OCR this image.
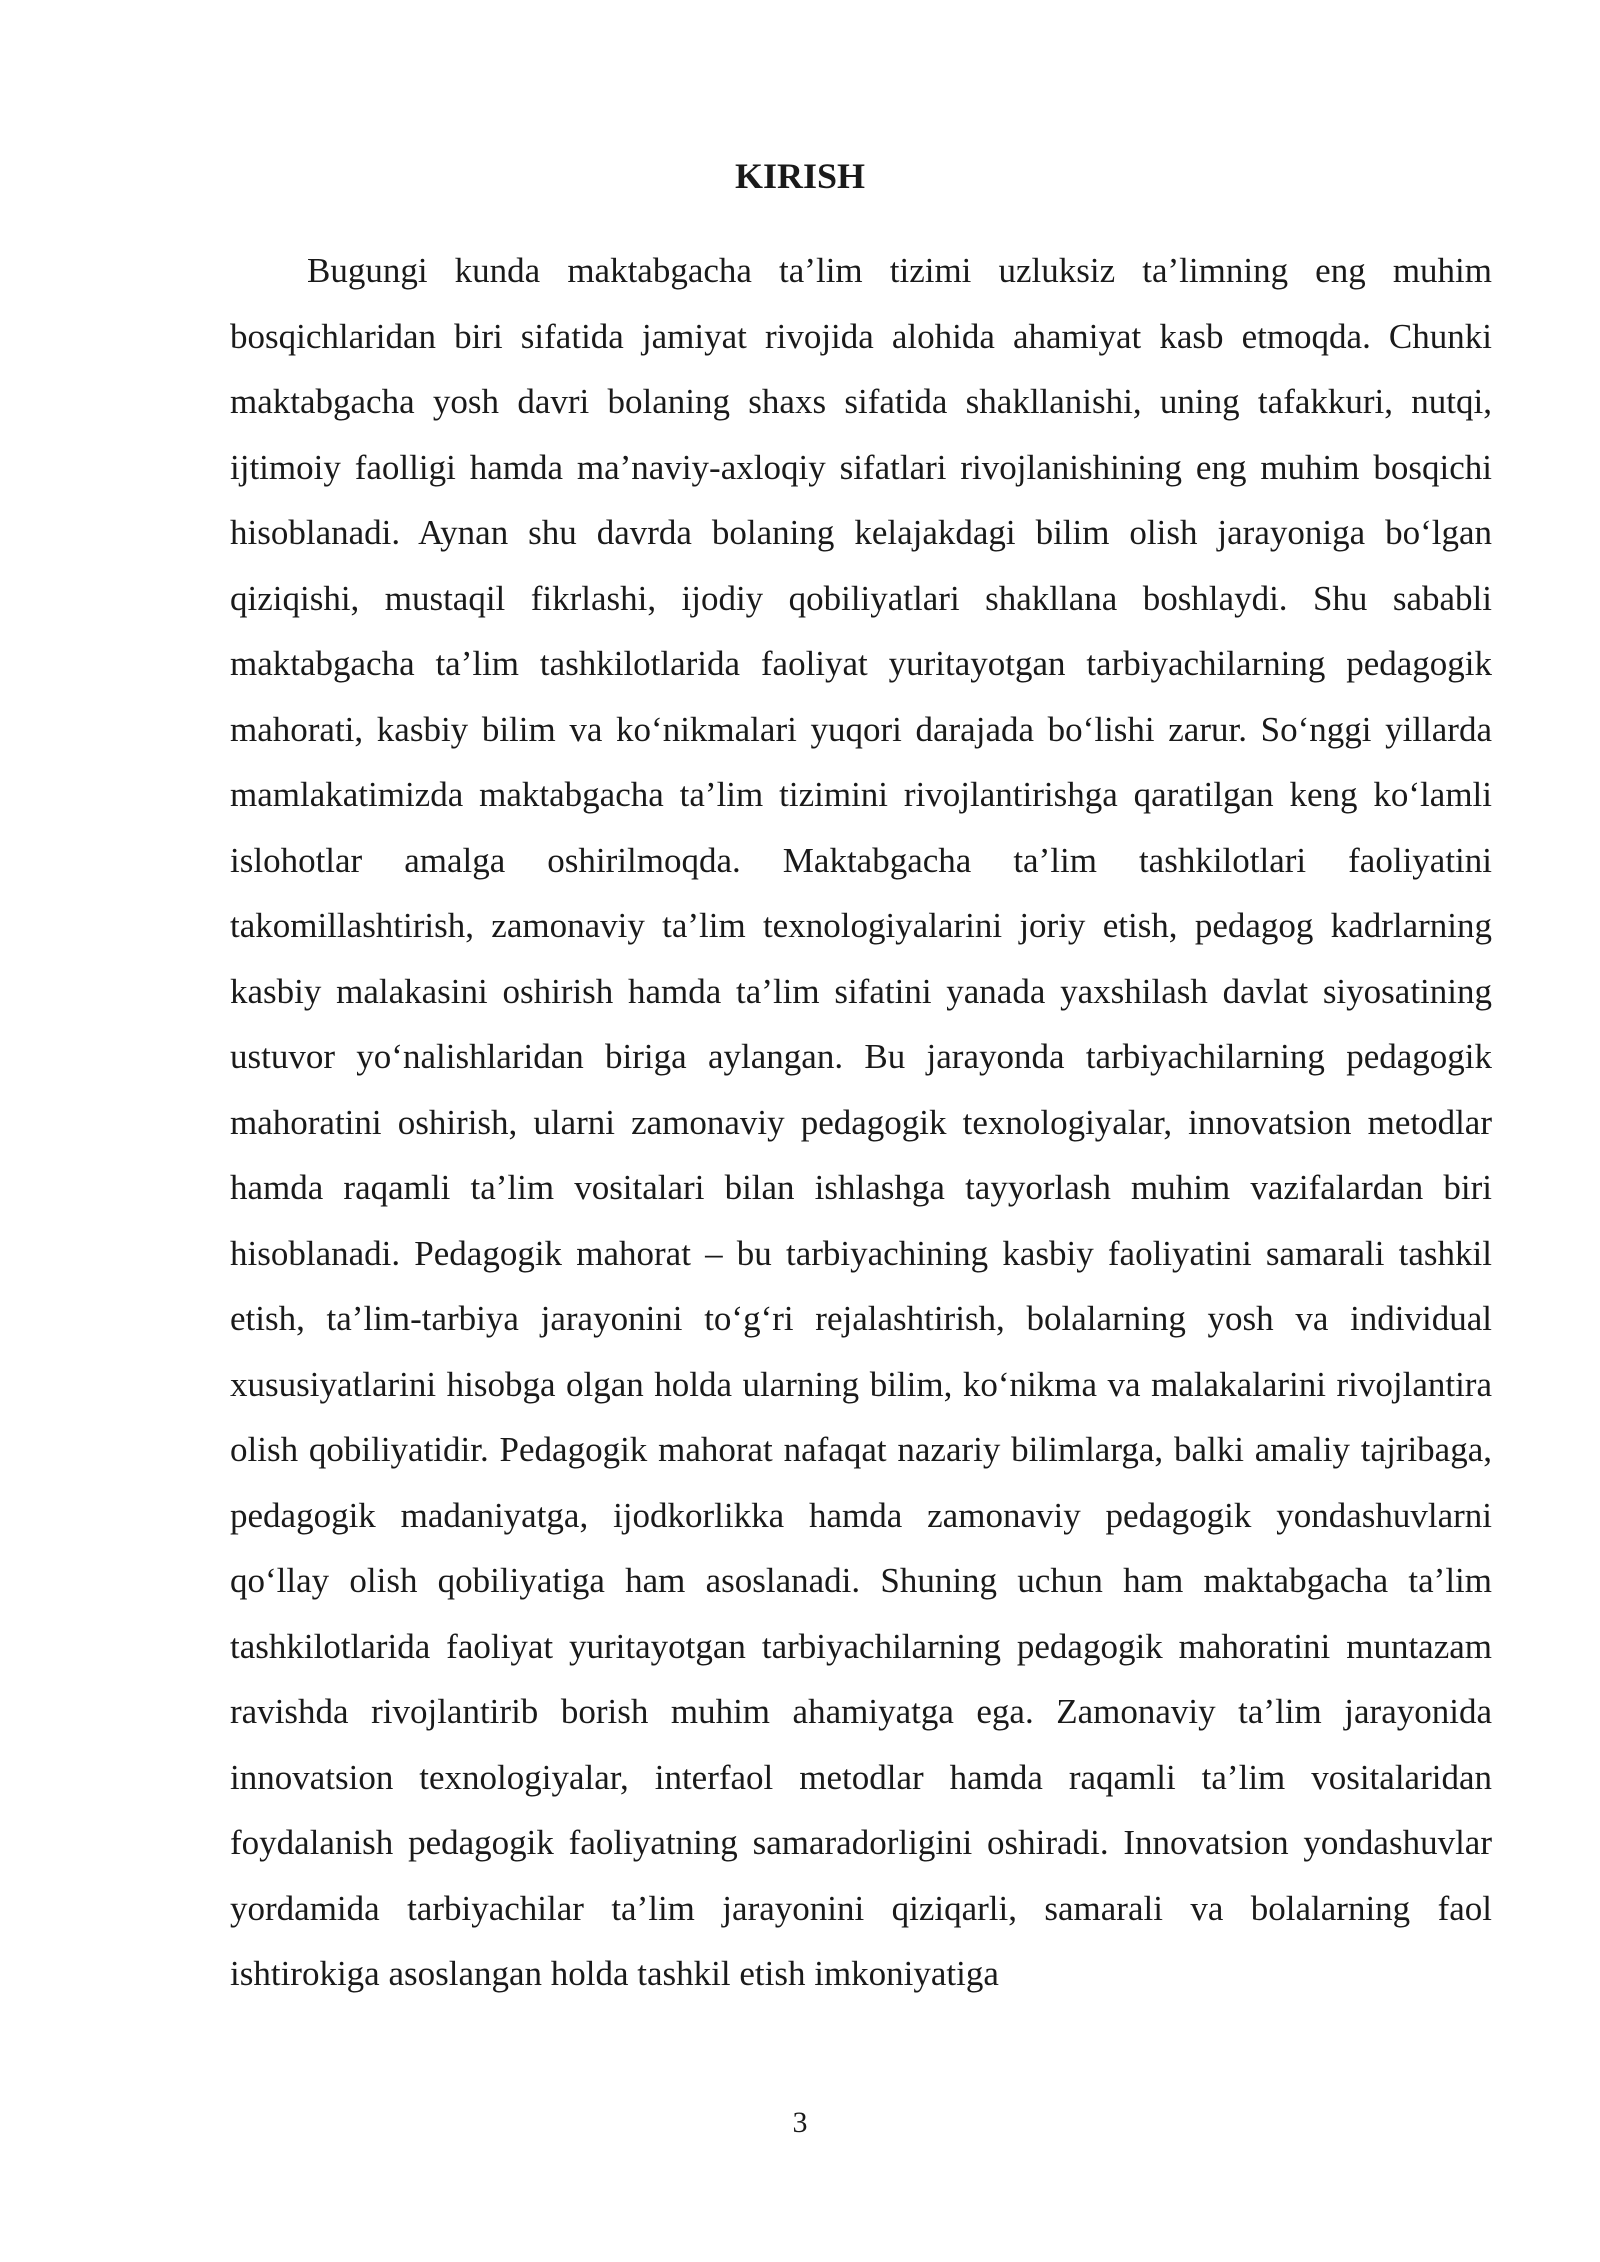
KIRISH

Bugungi kunda maktabgacha ta’lim tizimi uzluksiz ta’limning eng muhim bosqichlaridan biri sifatida jamiyat rivojida alohida ahamiyat kasb etmoqda. Chunki maktabgacha yosh davri bolaning shaxs sifatida shakllanishi, uning tafakkuri, nutqi, ijtimoiy faolligi hamda ma’naviy-axloqiy sifatlari rivojlanishining eng muhim bosqichi hisoblanadi. Aynan shu davrda bolaning kelajakdagi bilim olish jarayoniga bo‘lgan qiziqishi, mustaqil fikrlashi, ijodiy qobiliyatlari shakllana boshlaydi. Shu sababli maktabgacha ta’lim tashkilotlarida faoliyat yuritayotgan tarbiyachilarning pedagogik mahorati, kasbiy bilim va ko‘nikmalari yuqori darajada bo‘lishi zarur. So‘nggi yillarda mamlakatimizda maktabgacha ta’lim tizimini rivojlantirishga qaratilgan keng ko‘lamli islohotlar amalga oshirilmoqda. Maktabgacha ta’lim tashkilotlari faoliyatini takomillashtirish, zamonaviy ta’lim texnologiyalarini joriy etish, pedagog kadrlarning kasbiy malakasini oshirish hamda ta’lim sifatini yanada yaxshilash davlat siyosatining ustuvor yo‘nalishlaridan biriga aylangan. Bu jarayonda tarbiyachilarning pedagogik mahoratini oshirish, ularni zamonaviy pedagogik texnologiyalar, innovatsion metodlar hamda raqamli ta’lim vositalari bilan ishlashga tayyorlash muhim vazifalardan biri hisoblanadi. Pedagogik mahorat – bu tarbiyachining kasbiy faoliyatini samarali tashkil etish, ta’lim-tarbiya jarayonini to‘g‘ri rejalashtirish, bolalarning yosh va individual xususiyatlarini hisobga olgan holda ularning bilim, ko‘nikma va malakalarini rivojlantira olish qobiliyatidir. Pedagogik mahorat nafaqat nazariy bilimlarga, balki amaliy tajribaga, pedagogik madaniyatga, ijodkorlikka hamda zamonaviy pedagogik yondashuvlarni qo‘llay olish qobiliyatiga ham asoslanadi. Shuning uchun ham maktabgacha ta’lim tashkilotlarida faoliyat yuritayotgan tarbiyachilarning pedagogik mahoratini muntazam ravishda rivojlantirib borish muhim ahamiyatga ega. Zamonaviy ta’lim jarayonida innovatsion texnologiyalar, interfaol metodlar hamda raqamli ta’lim vositalaridan foydalanish pedagogik faoliyatning samaradorligini oshiradi. Innovatsion yondashuvlar yordamida tarbiyachilar ta’lim jarayonini qiziqarli, samarali va bolalarning faol ishtirokiga asoslangan holda tashkil etish imkoniyatiga

3
